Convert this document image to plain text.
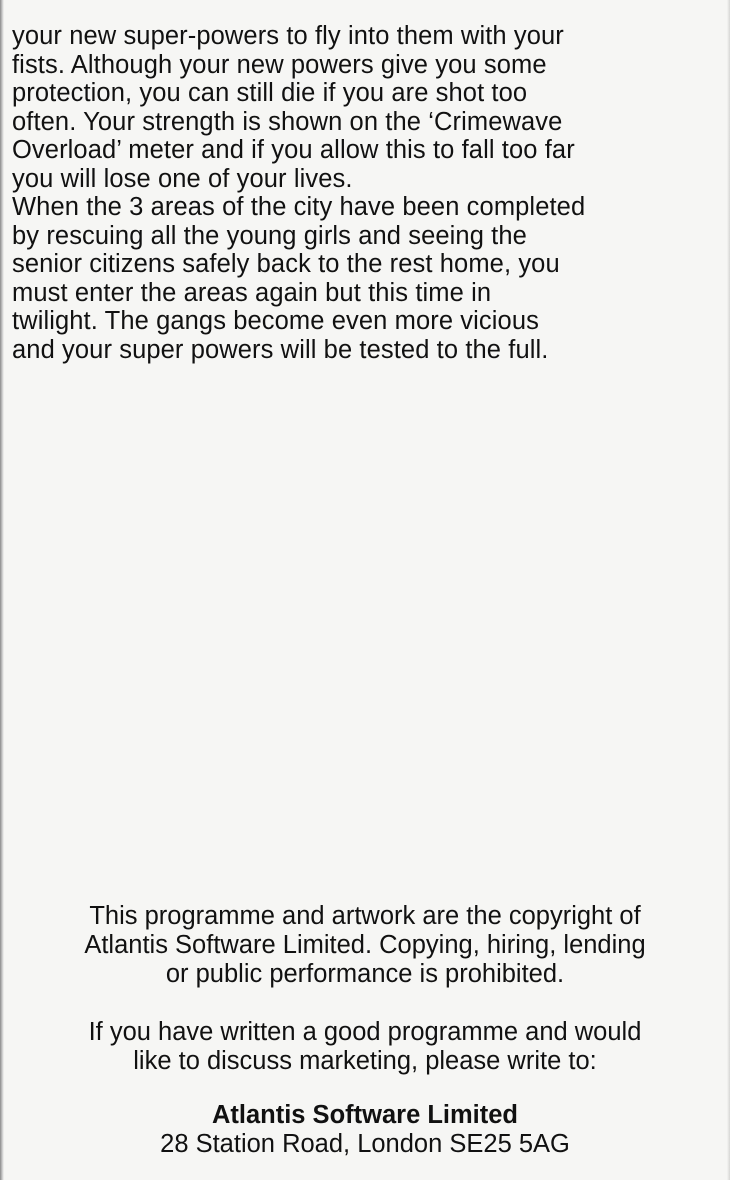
your new super-powers to fly into them with your
fists. Although your new powers give you some
protection, you can still die if you are shot too
often. Your strength is shown on the ‘Crimewave
Overload’ meter and if you allow this to fall too far
you will lose one of your lives.
When the 3 areas of the city have been completed
by rescuing all the young girls and seeing the
senior citizens safely back to the rest home, you
must enter the areas again but this time in
twilight. The gangs become even more vicious
and your super powers will be tested to the full.
This programme and artwork are the copyright of
Atlantis Software Limited. Copying, hiring, lending
or public performance is prohibited.
If you have written a good programme and would
like to discuss marketing, please write to:
Atlantis Software Limited
28 Station Road, London SE25 5AG
